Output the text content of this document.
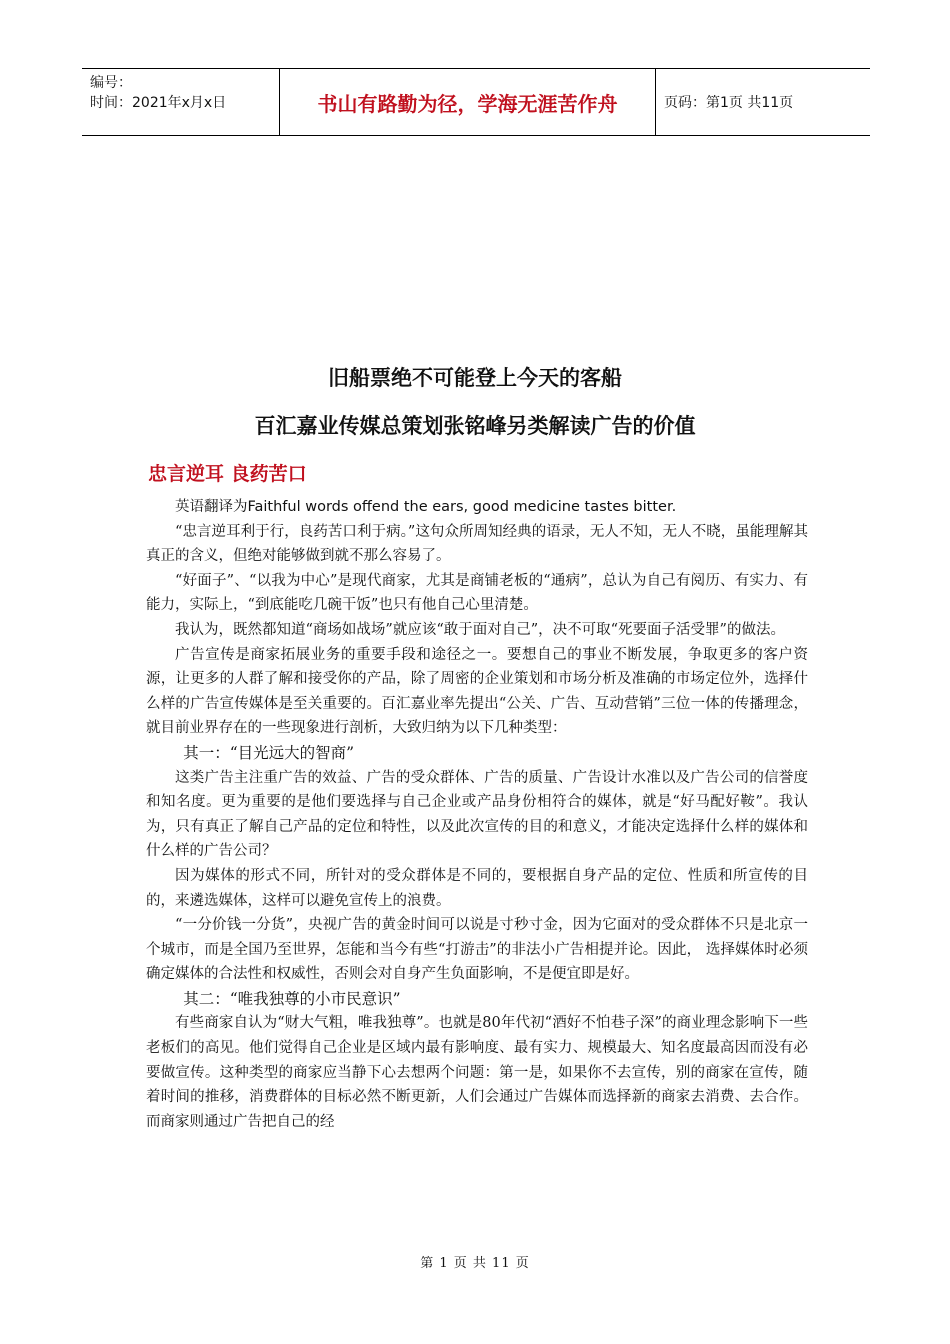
编号：
时间：2021年x月x日	书山有路勤为径，学海无涯苦作舟	页码：第1页 共11页
旧船票绝不可能登上今天的客船
百汇嘉业传媒总策划张铭峰另类解读广告的价值
忠言逆耳 良药苦口

英语翻译为Faithful words offend the ears, good medicine tastes bitter.

“忠言逆耳利于行，良药苦口利于病。”这句众所周知经典的语录，无人不知，无人不晓，虽能理解其真正的含义，但绝对能够做到就不那么容易了。

“好面子”、“以我为中心”是现代商家，尤其是商铺老板的“通病”，总认为自己有阅历、有实力、有能力，实际上，“到底能吃几碗干饭”也只有他自己心里清楚。

我认为，既然都知道“商场如战场”就应该“敢于面对自己”，决不可取“死要面子活受罪”的做法。

广告宣传是商家拓展业务的重要手段和途径之一。要想自己的事业不断发展，争取更多的客户资源，让更多的人群了解和接受你的产品，除了周密的企业策划和市场分析及准确的市场定位外，选择什么样的广告宣传媒体是至关重要的。百汇嘉业率先提出“公关、广告、互动营销”三位一体的传播理念，就目前业界存在的一些现象进行剖析，大致归纳为以下几种类型：

其一：“目光远大的智商”

这类广告主注重广告的效益、广告的受众群体、广告的质量、广告设计水准以及广告公司的信誉度和知名度。更为重要的是他们要选择与自己企业或产品身份相符合的媒体，就是“好马配好鞍”。我认为，只有真正了解自己产品的定位和特性，以及此次宣传的目的和意义，才能决定选择什么样的媒体和什么样的广告公司？

因为媒体的形式不同，所针对的受众群体是不同的，要根据自身产品的定位、性质和所宣传的目的，来遴选媒体，这样可以避免宣传上的浪费。

“一分价钱一分货”，央视广告的黄金时间可以说是寸秒寸金，因为它面对的受众群体不只是北京一个城市，而是全国乃至世界，怎能和当今有些“打游击”的非法小广告相提并论。因此， 选择媒体时必须确定媒体的合法性和权威性，否则会对自身产生负面影响，不是便宜即是好。

其二：“唯我独尊的小市民意识”

有些商家自认为“财大气粗，唯我独尊”。也就是80年代初“酒好不怕巷子深”的商业理念影响下一些老板们的高见。他们觉得自己企业是区域内最有影响度、最有实力、规模最大、知名度最高因而没有必要做宣传。这种类型的商家应当静下心去想两个问题：第一是，如果你不去宣传，别的商家在宣传，随着时间的推移，消费群体的目标必然不断更新，人们会通过广告媒体而选择新的商家去消费、去合作。而商家则通过广告把自己的经

第 1 页 共 11 页
